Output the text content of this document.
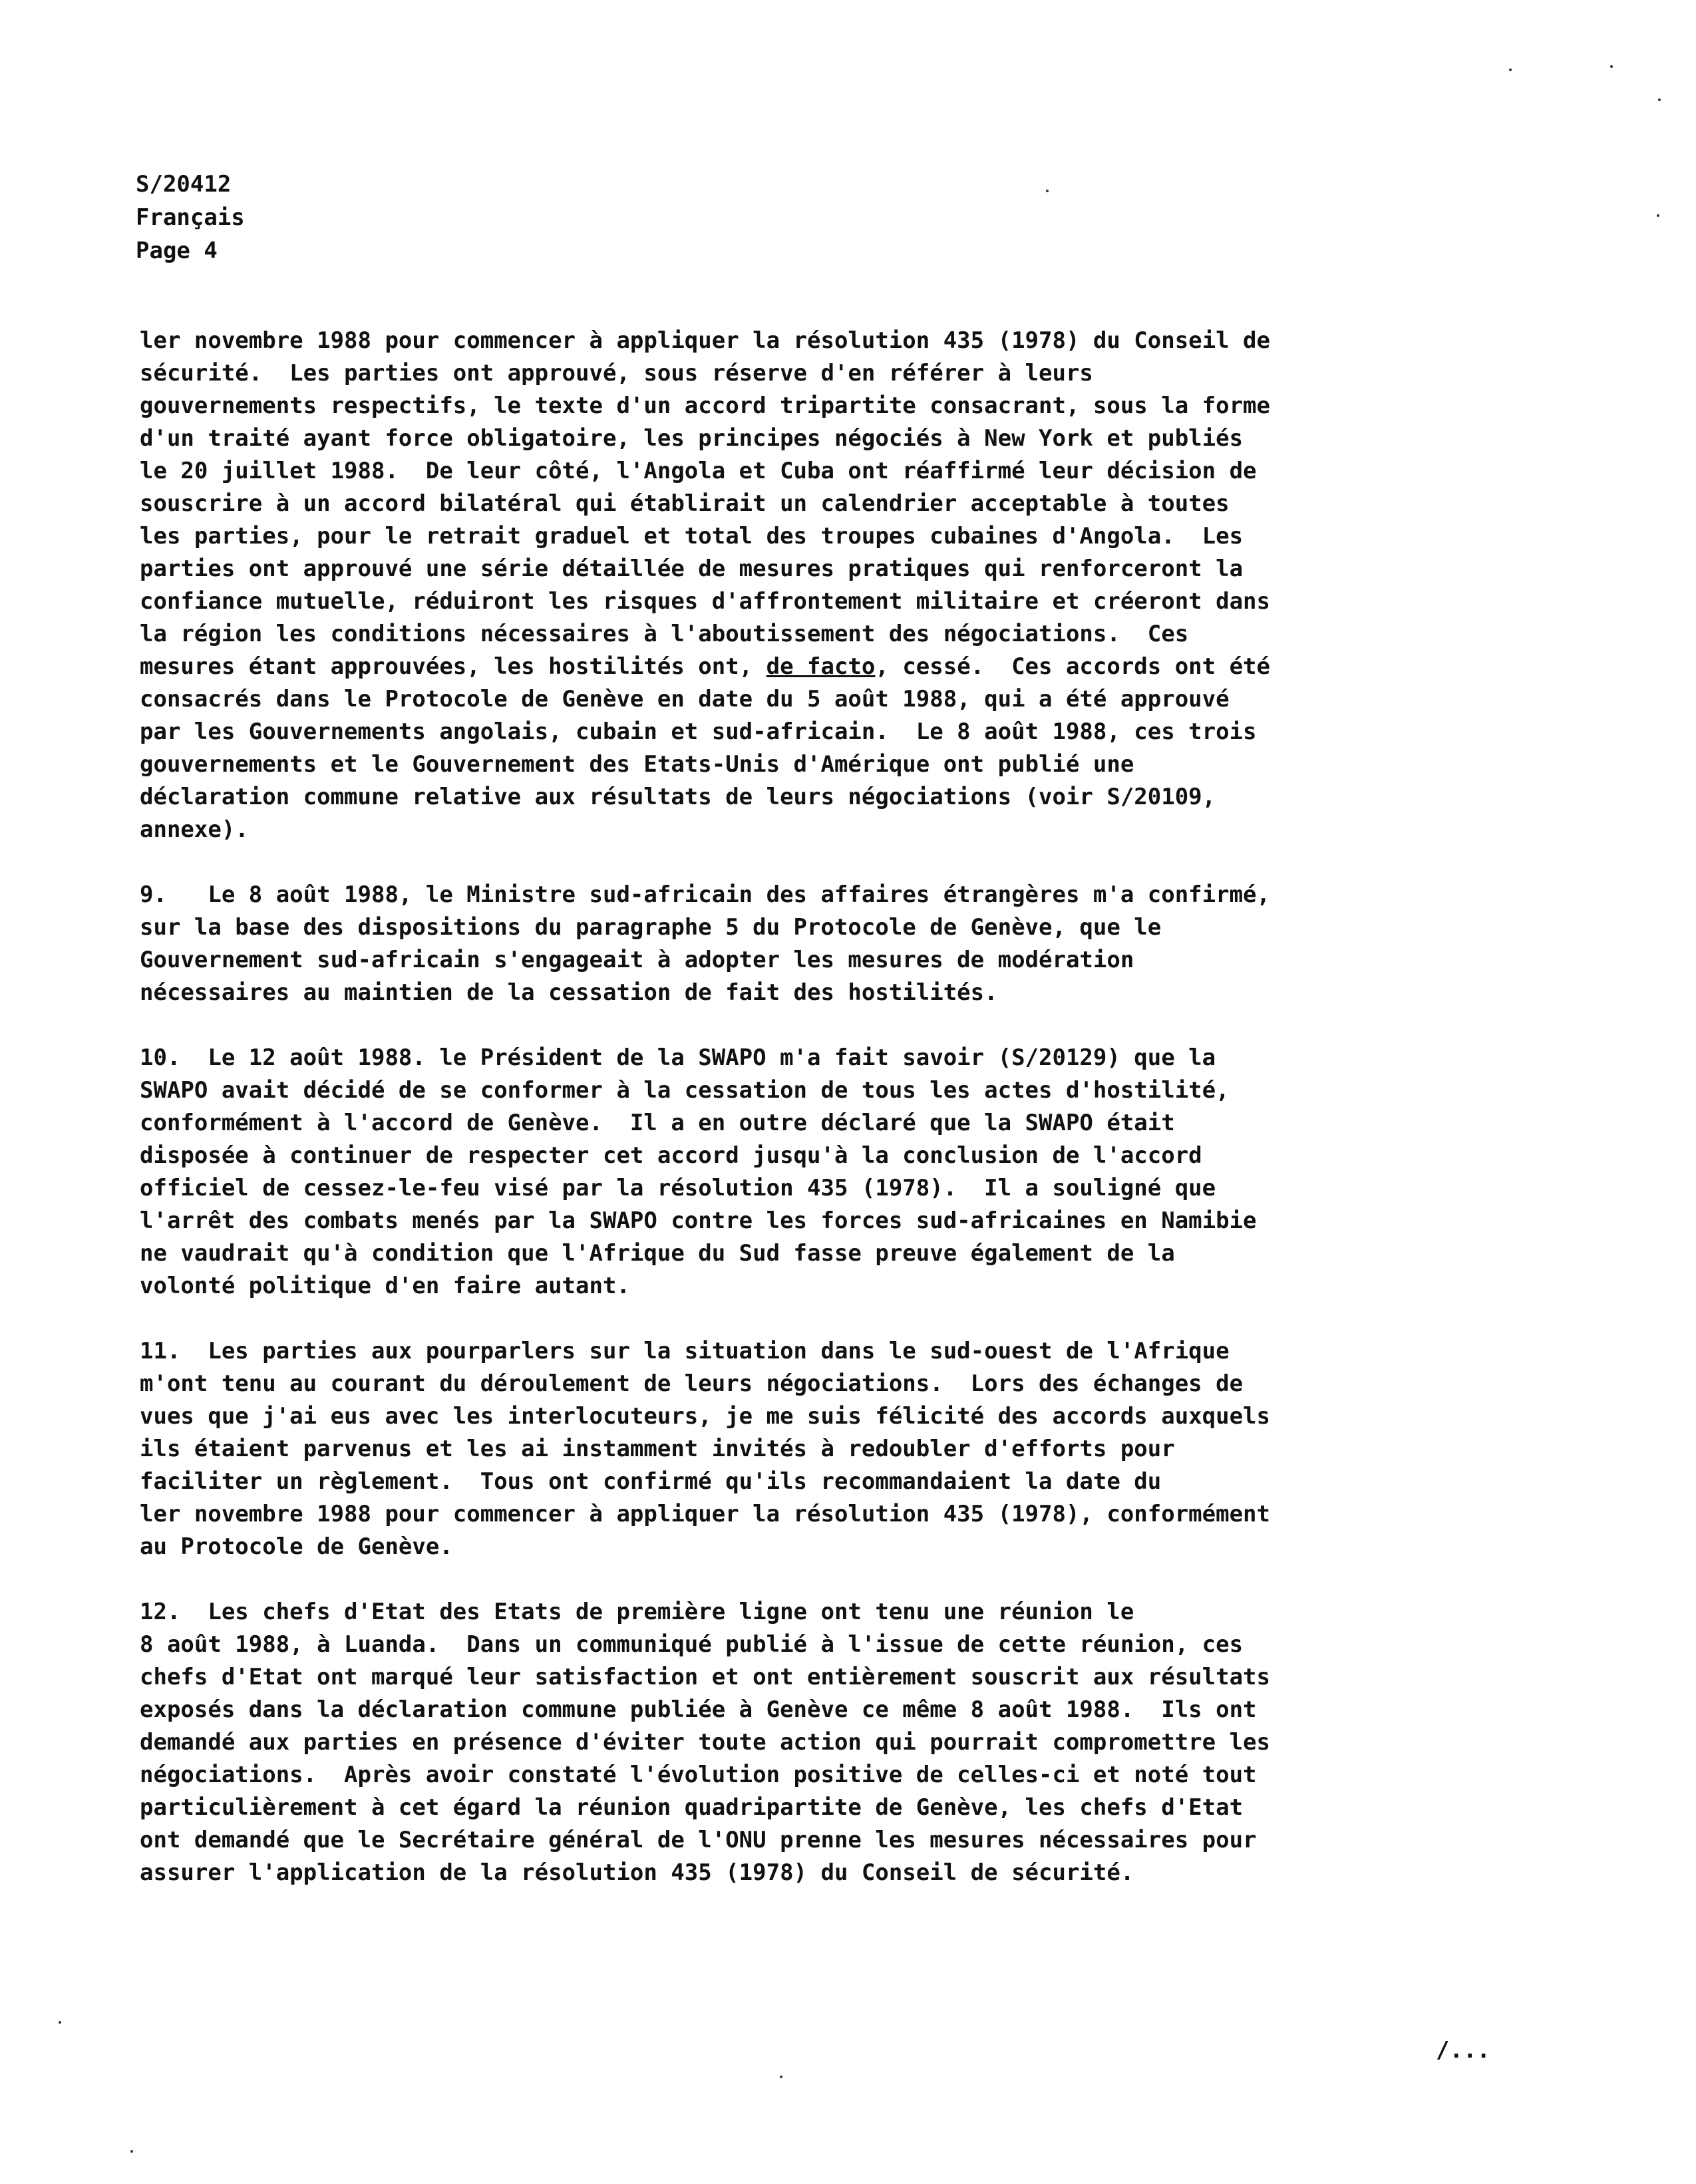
S/20412
Français
Page 4
ler novembre 1988 pour commencer à appliquer la résolution 435 (1978) du Conseil de
sécurité.  Les parties ont approuvé, sous réserve d'en référer à leurs
gouvernements respectifs, le texte d'un accord tripartite consacrant, sous la forme
d'un traité ayant force obligatoire, les principes négociés à New York et publiés
le 20 juillet 1988.  De leur côté, l'Angola et Cuba ont réaffirmé leur décision de
souscrire à un accord bilatéral qui établirait un calendrier acceptable à toutes
les parties, pour le retrait graduel et total des troupes cubaines d'Angola.  Les
parties ont approuvé une série détaillée de mesures pratiques qui renforceront la
confiance mutuelle, réduiront les risques d'affrontement militaire et créeront dans
la région les conditions nécessaires à l'aboutissement des négociations.  Ces
mesures étant approuvées, les hostilités ont, de facto, cessé.  Ces accords ont été
consacrés dans le Protocole de Genève en date du 5 août 1988, qui a été approuvé
par les Gouvernements angolais, cubain et sud-africain.  Le 8 août 1988, ces trois
gouvernements et le Gouvernement des Etats-Unis d'Amérique ont publié une
déclaration commune relative aux résultats de leurs négociations (voir S/20109,
annexe).
9.   Le 8 août 1988, le Ministre sud-africain des affaires étrangères m'a confirmé,
sur la base des dispositions du paragraphe 5 du Protocole de Genève, que le
Gouvernement sud-africain s'engageait à adopter les mesures de modération
nécessaires au maintien de la cessation de fait des hostilités.
10.  Le 12 août 1988. le Président de la SWAPO m'a fait savoir (S/20129) que la
SWAPO avait décidé de se conformer à la cessation de tous les actes d'hostilité,
conformément à l'accord de Genève.  Il a en outre déclaré que la SWAPO était
disposée à continuer de respecter cet accord jusqu'à la conclusion de l'accord
officiel de cessez-le-feu visé par la résolution 435 (1978).  Il a souligné que
l'arrêt des combats menés par la SWAPO contre les forces sud-africaines en Namibie
ne vaudrait qu'à condition que l'Afrique du Sud fasse preuve également de la
volonté politique d'en faire autant.
11.  Les parties aux pourparlers sur la situation dans le sud-ouest de l'Afrique
m'ont tenu au courant du déroulement de leurs négociations.  Lors des échanges de
vues que j'ai eus avec les interlocuteurs, je me suis félicité des accords auxquels
ils étaient parvenus et les ai instamment invités à redoubler d'efforts pour
faciliter un règlement.  Tous ont confirmé qu'ils recommandaient la date du
ler novembre 1988 pour commencer à appliquer la résolution 435 (1978), conformément
au Protocole de Genève.
12.  Les chefs d'Etat des Etats de première ligne ont tenu une réunion le
8 août 1988, à Luanda.  Dans un communiqué publié à l'issue de cette réunion, ces
chefs d'Etat ont marqué leur satisfaction et ont entièrement souscrit aux résultats
exposés dans la déclaration commune publiée à Genève ce même 8 août 1988.  Ils ont
demandé aux parties en présence d'éviter toute action qui pourrait compromettre les
négociations.  Après avoir constaté l'évolution positive de celles-ci et noté tout
particulièrement à cet égard la réunion quadripartite de Genève, les chefs d'Etat
ont demandé que le Secrétaire général de l'ONU prenne les mesures nécessaires pour
assurer l'application de la résolution 435 (1978) du Conseil de sécurité.
/...
